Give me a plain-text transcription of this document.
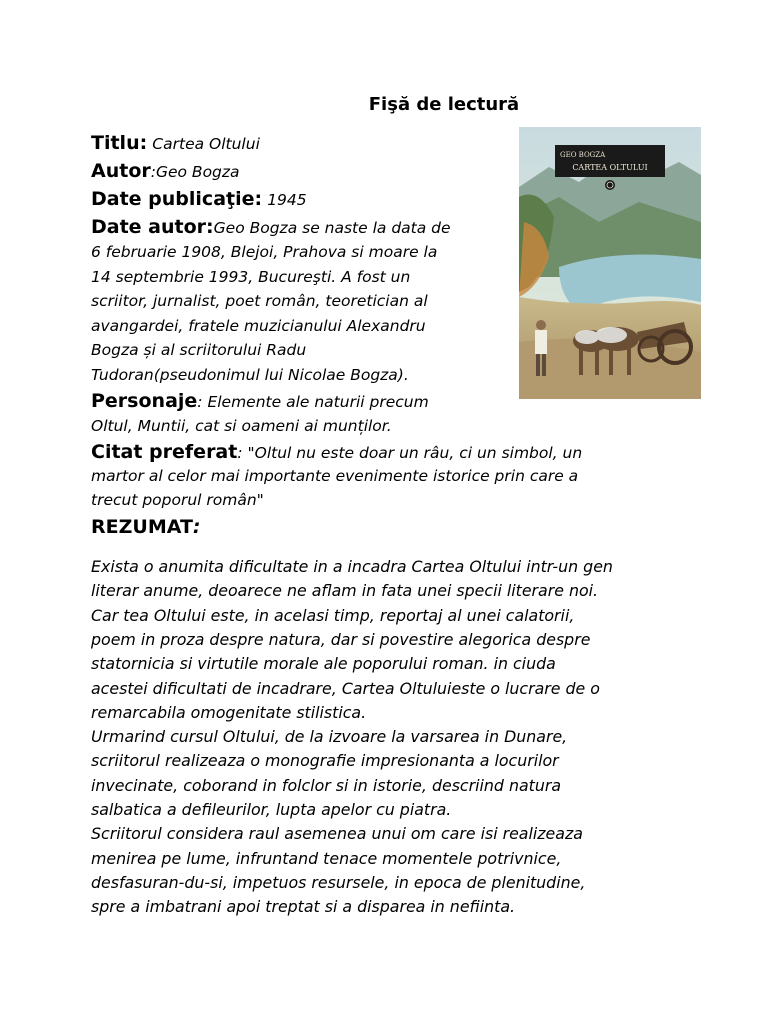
Fişă de lectură
Titlu: Cartea Oltului
Autor:Geo Bogza
Date publicaţie: 1945
Date autor:Geo Bogza se naste la data de
6 februarie 1908, Blejoi, Prahova si moare la
14 septembrie 1993, Bucureşti. A fost un
scriitor, jurnalist, poet român, teoretician al
avangardei, fratele muzicianului Alexandru
Bogza și al scriitorului Radu
Tudoran(pseudonimul lui Nicolae Bogza).
Personaje: Elemente ale naturii precum
Oltul, Muntii, cat si oameni ai munților.
Citat preferat: "Oltul nu este doar un râu, ci un simbol, un
martor al celor mai importante evenimente istorice prin care a
trecut poporul român"
REZUMAT:
Exista o anumita dificultate in a incadra Cartea Oltului intr-un gen
literar anume, deoarece ne aflam in fata unei specii literare noi.
Car tea Oltului este, in acelasi timp, reportaj al unei calatorii,
poem in proza despre natura, dar si povestire alegorica despre
statornicia si virtutile morale ale poporului roman. in ciuda
acestei dificultati de incadrare, Cartea Oltuluieste o lucrare de o
remarcabila omogenitate stilistica.
Urmarind cursul Oltului, de la izvoare la varsarea in Dunare,
scriitorul realizeaza o monografie impresionanta a locurilor
invecinate, coborand in folclor si in istorie, descriind natura
salbatica a defileurilor, lupta apelor cu piatra.
Scriitorul considera raul asemenea unui om care isi realizeaza
menirea pe lume, infruntand tenace momentele potrivnice,
desfasuran-du-si, impetuos resursele, in epoca de plenitudine,
spre a imbatrani apoi treptat si a disparea in nefiinta.
GEO BOGZA
CARTEA OLTULUI
